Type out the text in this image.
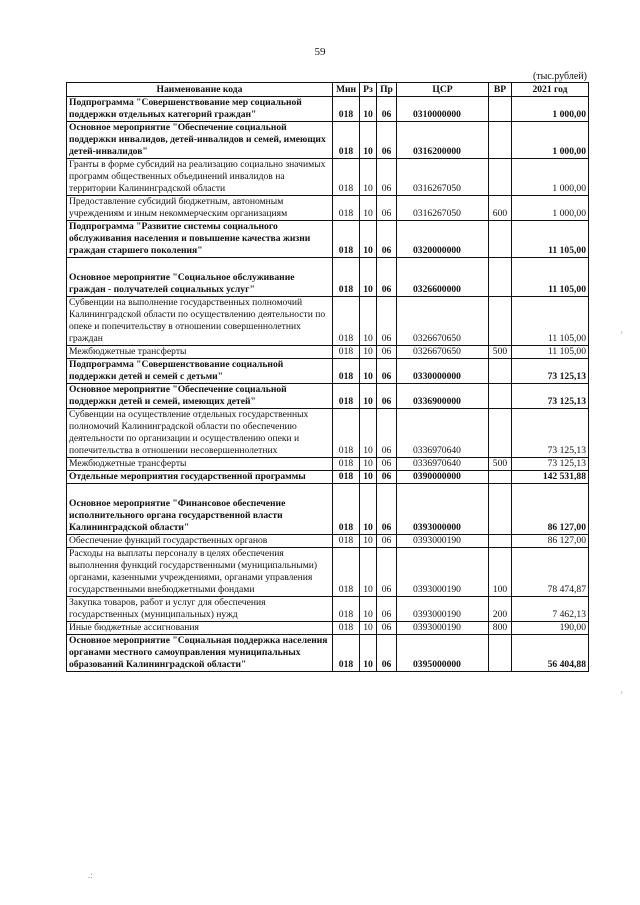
59
(тыс.рублей)
'
'
.:
Наименование кода	Мин	Рз	Пр	ЦСР	ВР	2021 год
Подпрограмма "Совершенствование мер социальной поддержки отдельных категорий граждан"	018	10	06	0310000000		1 000,00
Основное мероприятие "Обеспечение социальной поддержки инвалидов, детей-инвалидов и семей, имеющих детей-инвалидов"	018	10	06	0316200000		1 000,00
Гранты в форме субсидий на реализацию социально значимых программ общественных объединений инвалидов на территории Калининградской области	018	10	06	0316267050		1 000,00
Предоставление субсидий бюджетным, автономным учреждениям и иным некоммерческим организациям	018	10	06	0316267050	600	1 000,00
Подпрограмма "Развитие системы социального обслуживания населения и повышение качества жизни граждан старшего поколения"	018	10	06	0320000000		11 105,00
Основное мероприятие "Социальное обслуживание граждан - получателей социальных услуг"	018	10	06	0326600000		11 105,00
Субвенции на выполнение государственных полномочий Калининградской области по осуществлению деятельности по опеке и попечительству в отношении совершеннолетних граждан	018	10	06	0326670650		11 105,00
Межбюджетные трансферты	018	10	06	0326670650	500	11 105,00
Подпрограмма "Совершенствование социальной поддержки детей и семей с детьми"	018	10	06	0330000000		73 125,13
Основное мероприятие "Обеспечение социальной поддержки детей и семей, имеющих детей"	018	10	06	0336900000		73 125,13
Субвенции на осуществление отдельных государственных полномочий Калининградской области по обеспечению деятельности по организации и осуществлению опеки и попечительства в отношении несовершеннолетних	018	10	06	0336970640		73 125,13
Межбюджетные трансферты	018	10	06	0336970640	500	73 125,13
Отдельные мероприятия государственной программы	018	10	06	0390000000		142 531,88
Основное мероприятие "Финансовое обеспечение исполнительного органа государственной власти Калининградской области"	018	10	06	0393000000		86 127,00
Обеспечение функций государственных органов	018	10	06	0393000190		86 127,00
Расходы на выплаты персоналу в целях обеспечения выполнения функций государственными (муниципальными) органами, казенными учреждениями, органами управления государственными внебюджетными фондами	018	10	06	0393000190	100	78 474,87
Закупка товаров, работ и услуг для обеспечения государственных (муниципальных) нужд	018	10	06	0393000190	200	7 462,13
Иные бюджетные ассигнования	018	10	06	0393000190	800	190,00
Основное мероприятие "Социальная поддержка населения органами местного самоуправления муниципальных образований Калининградской области"	018	10	06	0395000000		56 404,88
